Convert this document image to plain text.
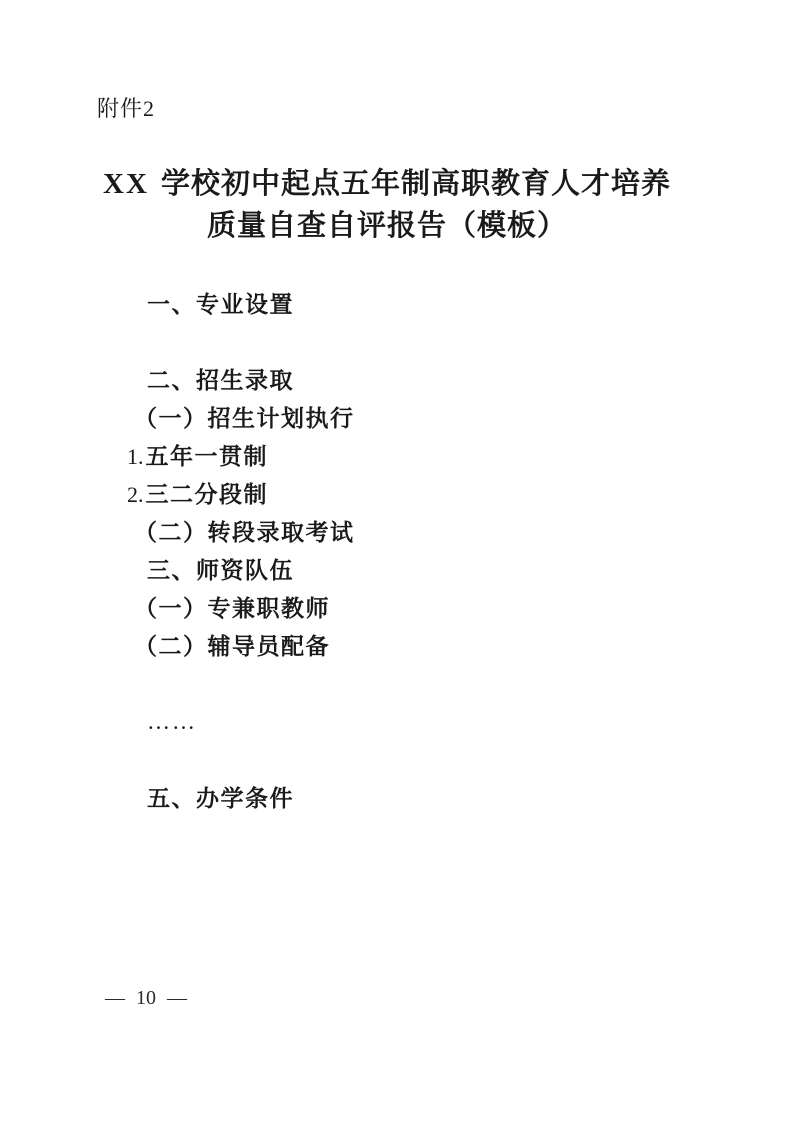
附件2
XX 学校初中起点五年制高职教育人才培养
质量自查自评报告（模板）
一、专业设置
二、招生录取
（一）招生计划执行
1.五年一贯制
2.三二分段制
（二）转段录取考试
三、师资队伍
（一）专兼职教师
（二）辅导员配备
……
五、办学条件
— 10 —
